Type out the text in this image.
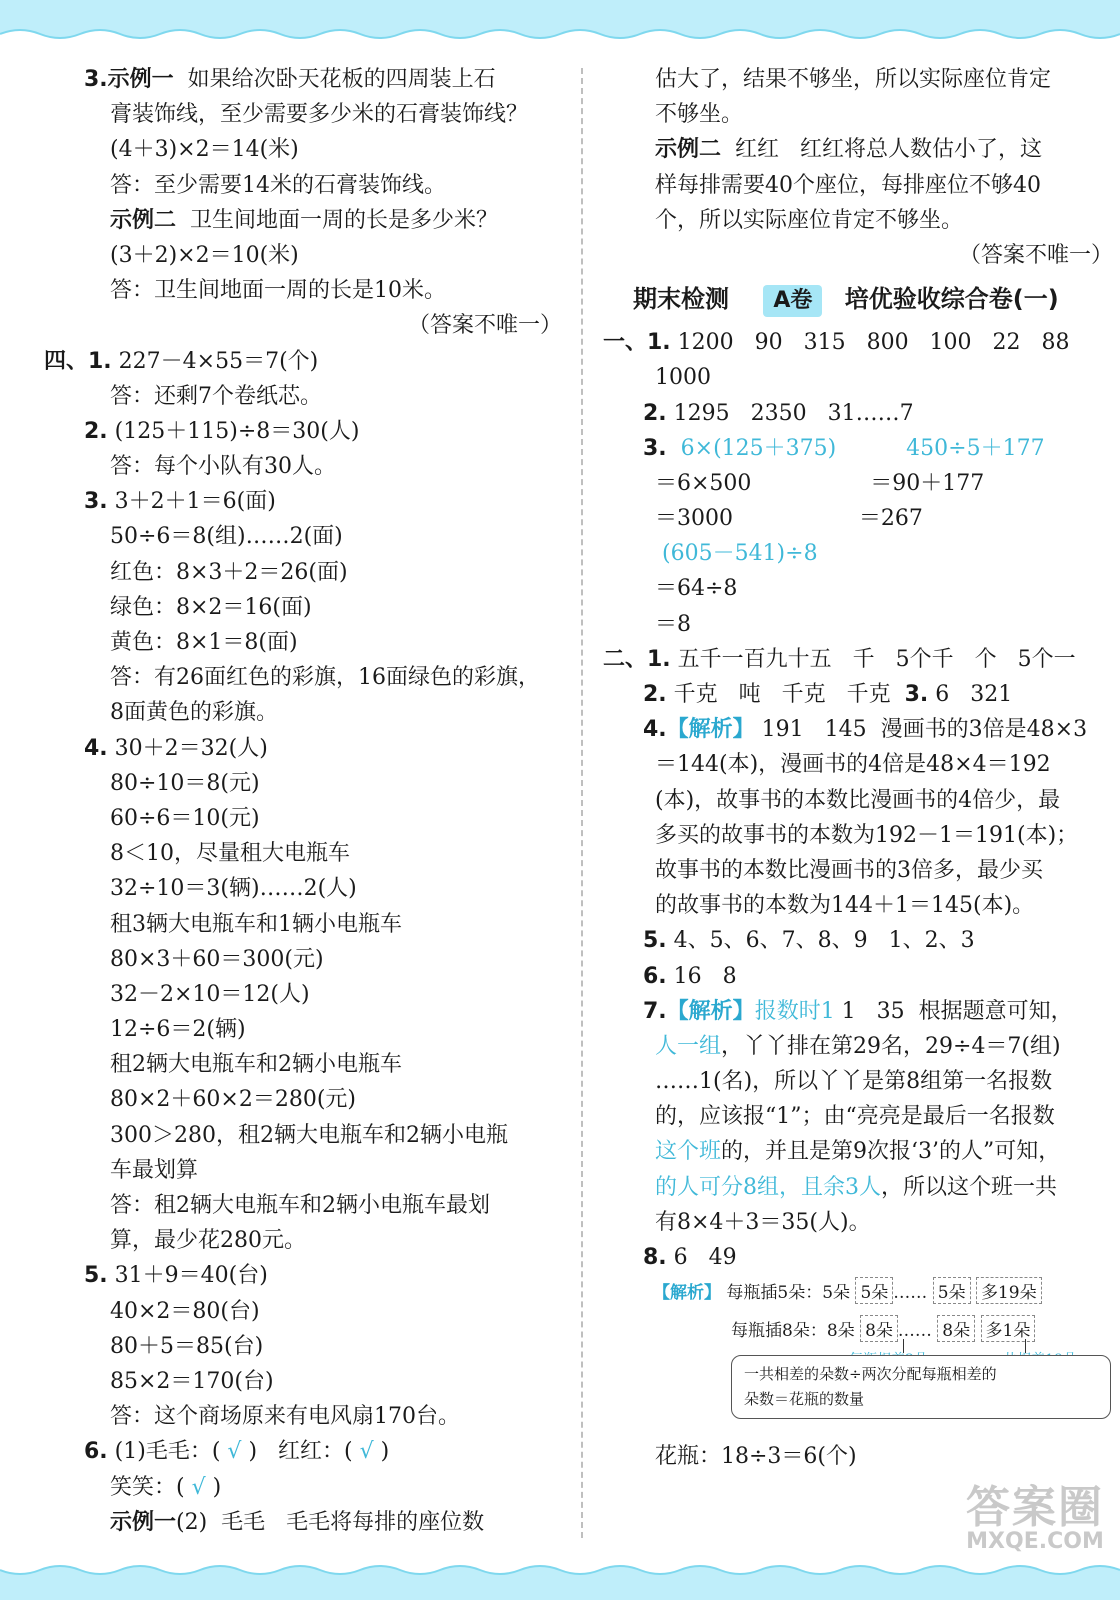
3.示例一  如果给次卧天花板的四周装上石
膏装饰线，至少需要多少米的石膏装饰线？
(4＋3)×2＝14(米)
答：至少需要14米的石膏装饰线。
示例二  卫生间地面一周的长是多少米？
(3＋2)×2＝10(米)
答：卫生间地面一周的长是10米。
（答案不唯一）
四、1. 227－4×55＝7(个)
答：还剩7个卷纸芯。
2. (125＋115)÷8＝30(人)
答：每个小队有30人。
3. 3＋2＋1＝6(面)
50÷6＝8(组)……2(面)
红色：8×3＋2＝26(面)
绿色：8×2＝16(面)
黄色：8×1＝8(面)
答：有26面红色的彩旗，16面绿色的彩旗，
8面黄色的彩旗。
4. 30＋2＝32(人)
80÷10＝8(元)
60÷6＝10(元)
8＜10，尽量租大电瓶车
32÷10＝3(辆)……2(人)
租3辆大电瓶车和1辆小电瓶车
80×3＋60＝300(元)
32－2×10＝12(人)
12÷6＝2(辆)
租2辆大电瓶车和2辆小电瓶车
80×2＋60×2＝280(元)
300＞280，租2辆大电瓶车和2辆小电瓶
车最划算
答：租2辆大电瓶车和2辆小电瓶车最划
算，最少花280元。
5. 31＋9＝40(台)
40×2＝80(台)
80＋5＝85(台)
85×2＝170(台)
答：这个商场原来有电风扇170台。
6. (1)毛毛：( √ )   红红：( √ )
笑笑：( √ )
示例一(2)  毛毛   毛毛将每排的座位数
估大了，结果不够坐，所以实际座位肯定
不够坐。
示例二  红红   红红将总人数估小了，这
样每排需要40个座位，每排座位不够40
个，所以实际座位肯定不够坐。
（答案不唯一）
期末检测 A卷 培优验收综合卷(一)
一、1. 1200   90   315   800   100   22   88
1000
2. 1295   2350   31……7
3.  6×(125＋375)          450÷5＋177
＝6×500                 ＝90＋177
＝3000                  ＝267
(605－541)÷8
＝64÷8
＝8
二、1. 五千一百九十五   千   5个千   个   5个一
2. 千克   吨   千克   千克  3. 6   321
4.【解析】 191   145  漫画书的3倍是48×3
＝144(本)，漫画书的4倍是48×4＝192
(本)，故事书的本数比漫画书的4倍少，最
多买的故事书的本数为192－1＝191(本)；
故事书的本数比漫画书的3倍多，最少买
的故事书的本数为144＋1＝145(本)。
5. 4、5、6、7、8、9   1、2、3
6. 16   8
7.【解析】报数时1 1   35  根据题意可知，
人一组，丫丫排在第29名，29÷4＝7(组)
……1(名)，所以丫丫是第8组第一名报数
的，应该报“1”；由“亮亮是最后一名报数
这个班的，并且是第9次报‘3’的人”可知，
的人可分8组，且余3人，所以这个班一共
有8×4＋3＝35(人)。
8. 6   49
【解析】 每瓶插5朵：5朵 5朵 …… 5朵 多19朵
每瓶插8朵：8朵 8朵 …… 8朵 多1朵
一共相差的朵数÷两次分配每瓶相差的
朵数＝花瓶的数量
花瓶：18÷3＝6(个)
答案圈
MXQE.COM
